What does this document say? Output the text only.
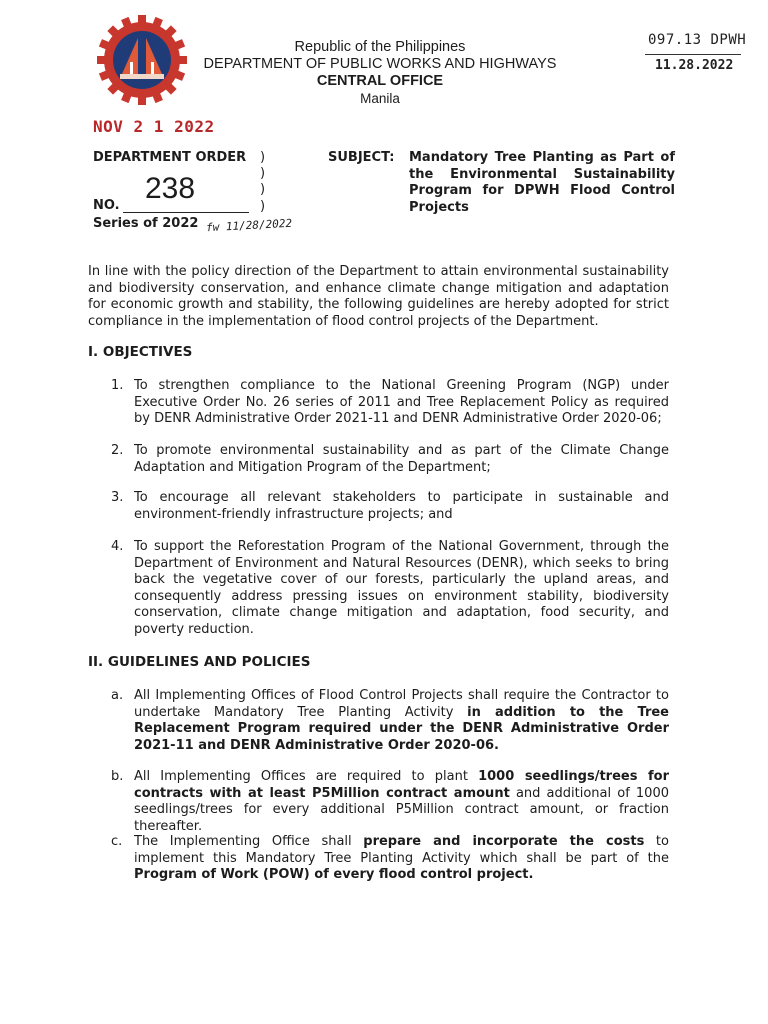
Republic of the Philippines
DEPARTMENT OF PUBLIC WORKS AND HIGHWAYS
CENTRAL OFFICE
Manila
097.13 DPWH
11.28.2022
NOV 2 1 2022
DEPARTMENT ORDER
NO.
238
Series of 2022 fw 11/28/2022
)
)
)
)
SUBJECT: Mandatory Tree Planting as Part of the Environmental Sustainability Program for DPWH Flood Control Projects
In line with the policy direction of the Department to attain environmental sustainability and biodiversity conservation, and enhance climate change mitigation and adaptation for economic growth and stability, the following guidelines are hereby adopted for strict compliance in the implementation of flood control projects of the Department.
I. OBJECTIVES
1. To strengthen compliance to the National Greening Program (NGP) under Executive Order No. 26 series of 2011 and Tree Replacement Policy as required by DENR Administrative Order 2021-11 and DENR Administrative Order 2020-06;
2. To promote environmental sustainability and as part of the Climate Change Adaptation and Mitigation Program of the Department;
3. To encourage all relevant stakeholders to participate in sustainable and environment-friendly infrastructure projects; and
4. To support the Reforestation Program of the National Government, through the Department of Environment and Natural Resources (DENR), which seeks to bring back the vegetative cover of our forests, particularly the upland areas, and consequently address pressing issues on environment stability, biodiversity conservation, climate change mitigation and adaptation, food security, and poverty reduction.
II. GUIDELINES AND POLICIES
a. All Implementing Offices of Flood Control Projects shall require the Contractor to undertake Mandatory Tree Planting Activity in addition to the Tree Replacement Program required under the DENR Administrative Order 2021-11 and DENR Administrative Order 2020-06.
b. All Implementing Offices are required to plant 1000 seedlings/trees for contracts with at least P5Million contract amount and additional of 1000 seedlings/trees for every additional P5Million contract amount, or fraction thereafter.
c. The Implementing Office shall prepare and incorporate the costs to implement this Mandatory Tree Planting Activity which shall be part of the Program of Work (POW) of every flood control project.
